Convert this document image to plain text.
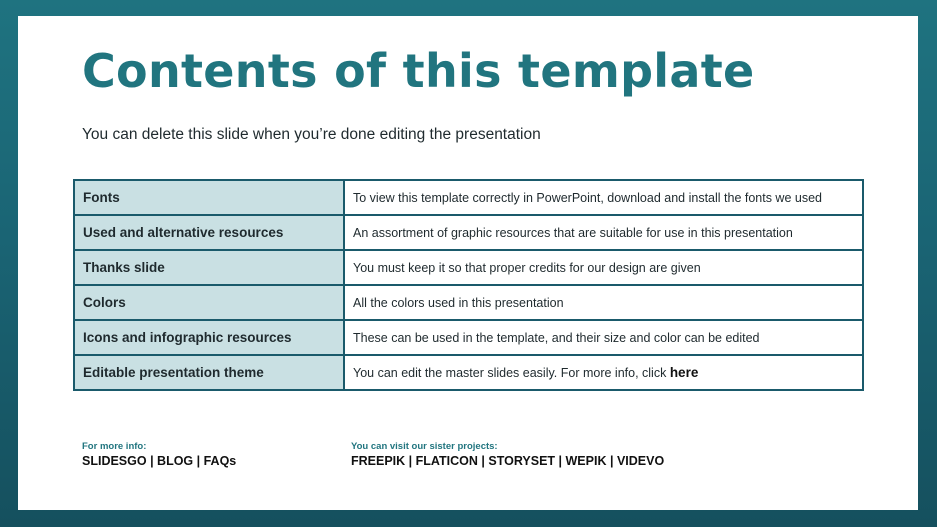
Contents of this template

You can delete this slide when you’re done editing the presentation

Fonts	To view this template correctly in PowerPoint, download and install the fonts we used
Used and alternative resources	An assortment of graphic resources that are suitable for use in this presentation
Thanks slide	You must keep it so that proper credits for our design are given
Colors	All the colors used in this presentation
Icons and infographic resources	These can be used in the template, and their size and color can be edited
Editable presentation theme	You can edit the master slides easily. For more info, click here

For more info:

SLIDESGO | BLOG | FAQs

You can visit our sister projects:

FREEPIK | FLATICON | STORYSET | WEPIK | VIDEVO
